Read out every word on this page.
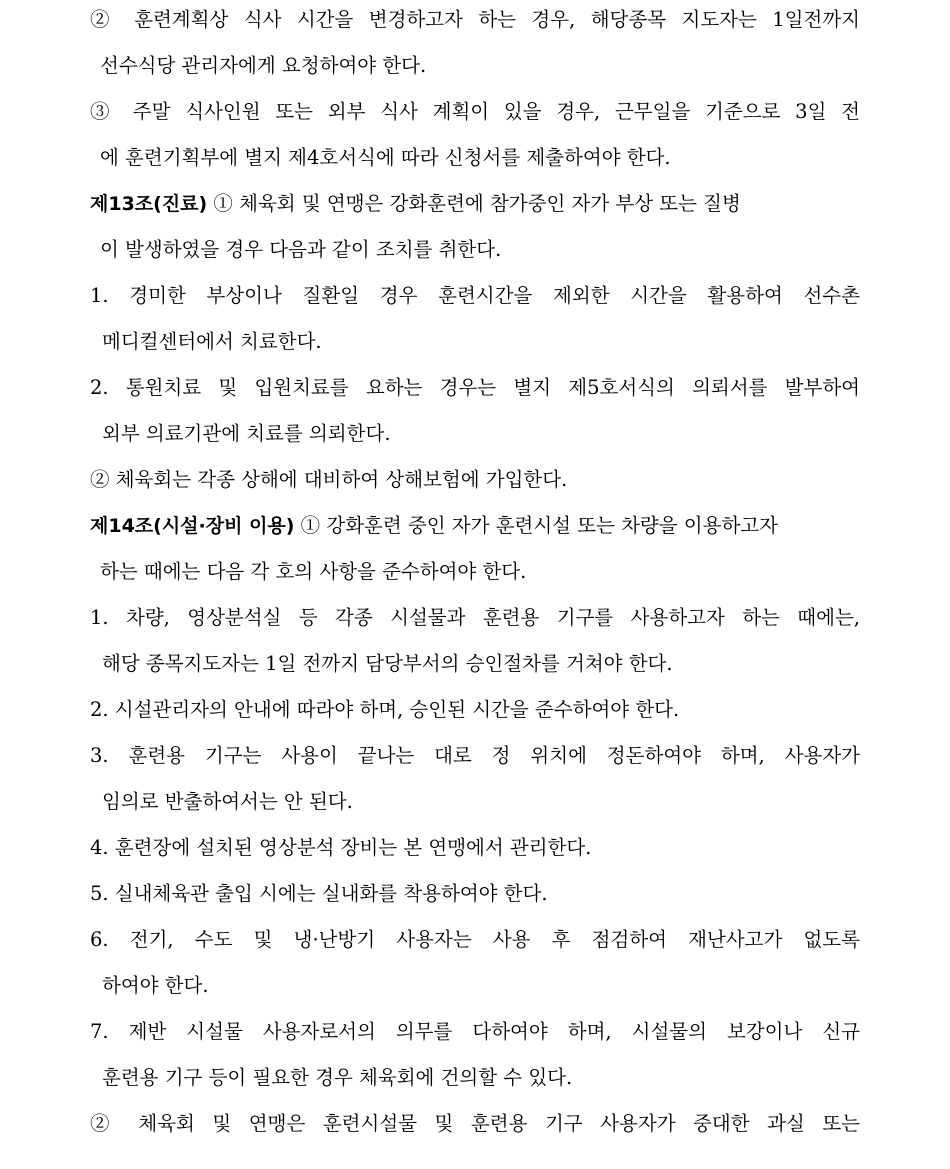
② 훈련계획상 식사 시간을 변경하고자 하는 경우, 해당종목 지도자는 1일전까지
선수식당 관리자에게 요청하여야 한다.
③ 주말 식사인원 또는 외부 식사 계획이 있을 경우, 근무일을 기준으로 3일 전
에 훈련기획부에 별지 제4호서식에 따라 신청서를 제출하여야 한다.
제13조(진료) ① 체육회 및 연맹은 강화훈련에 참가중인 자가 부상 또는 질병
이 발생하였을 경우 다음과 같이 조치를 취한다.
1. 경미한 부상이나 질환일 경우 훈련시간을 제외한 시간을 활용하여 선수촌
메디컬센터에서 치료한다.
2. 통원치료 및 입원치료를 요하는 경우는 별지 제5호서식의 의뢰서를 발부하여
외부 의료기관에 치료를 의뢰한다.
② 체육회는 각종 상해에 대비하여 상해보험에 가입한다.
제14조(시설·장비 이용) ① 강화훈련 중인 자가 훈련시설 또는 차량을 이용하고자
하는 때에는 다음 각 호의 사항을 준수하여야 한다.
1. 차량, 영상분석실 등 각종 시설물과 훈련용 기구를 사용하고자 하는 때에는,
해당 종목지도자는 1일 전까지 담당부서의 승인절차를 거쳐야 한다.
2. 시설관리자의 안내에 따라야 하며, 승인된 시간을 준수하여야 한다.
3. 훈련용 기구는 사용이 끝나는 대로 정 위치에 정돈하여야 하며, 사용자가
임의로 반출하여서는 안 된다.
4. 훈련장에 설치된 영상분석 장비는 본 연맹에서 관리한다.
5. 실내체육관 출입 시에는 실내화를 착용하여야 한다.
6. 전기, 수도 및 냉·난방기 사용자는 사용 후 점검하여 재난사고가 없도록
하여야 한다.
7. 제반 시설물 사용자로서의 의무를 다하여야 하며, 시설물의 보강이나 신규
훈련용 기구 등이 필요한 경우 체육회에 건의할 수 있다.
② 체육회 및 연맹은 훈련시설물 및 훈련용 기구 사용자가 중대한 과실 또는
